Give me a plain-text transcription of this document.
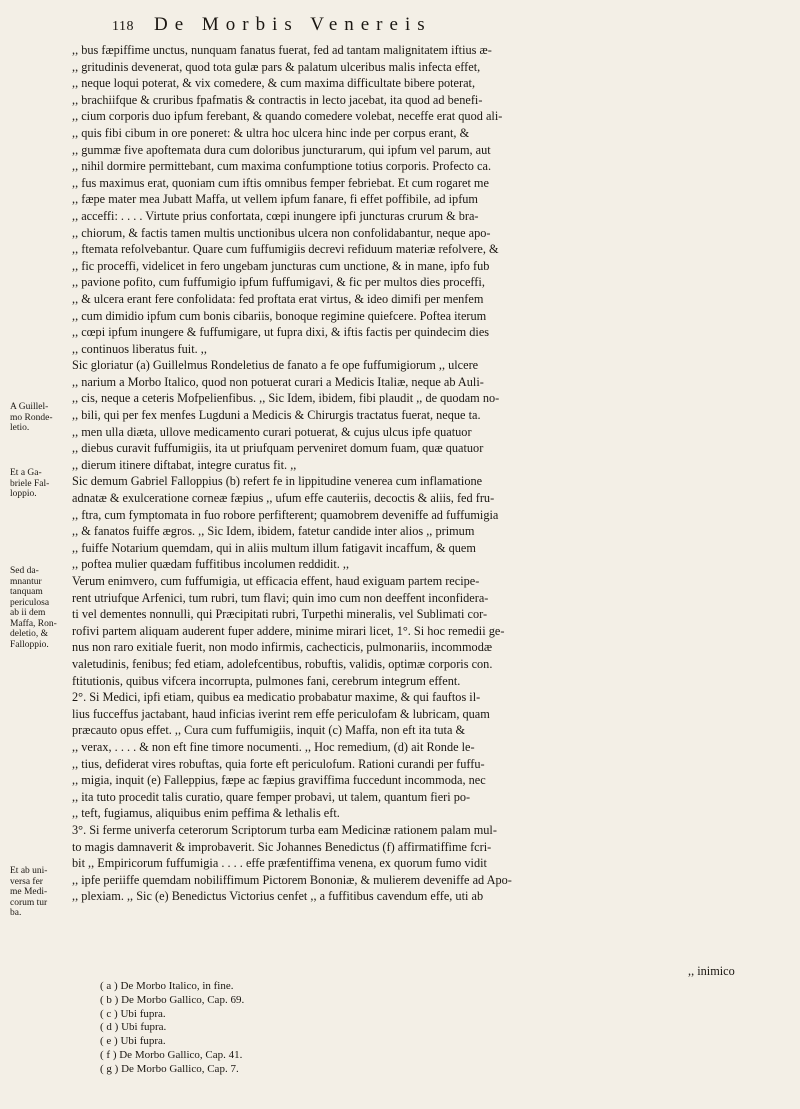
118	De Morbis Venereis
A Guillel-
mo Ronde-
letio.
Et a Ga-
briele Fal-
loppio.
Sed da-
mnantur
tanquam
periculosa
ab ii dem
Maffa, Ron-
deletio, &
Falloppio.
Et ab uni-
versa fer
me Medi-
corum tur
ba.
,, bus fæpiffime unctus, nunquam fanatus fuerat, fed ad tantam malignitatem iftius æ-
,, gritudinis devenerat, quod tota gulæ pars & palatum ulceribus malis infecta effet,
,, neque loqui poterat, & vix comedere, & cum maxima difficultate bibere poterat,
,, brachiifque & cruribus fpafmatis & contractis in lecto jacebat, ita quod ad benefi-
,, cium corporis duo ipfum ferebant, & quando comedere volebat, neceffe erat quod ali-
,, quis fibi cibum in ore poneret: & ultra hoc ulcera hinc inde per corpus erant, &
,, gummæ five apoftemata dura cum doloribus juncturarum, qui ipfum vel parum, aut
,, nihil dormire permittebant, cum maxima confumptione totius corporis. Profecto ca.
,, fus maximus erat, quoniam cum iftis omnibus femper febriebat. Et cum rogaret me
,, fæpe mater mea Jubatt Maffa, ut vellem ipfum fanare, fi effet poffibile, ad ipfum
,, acceffi: . . . . Virtute prius confortata, cœpi inungere ipfi juncturas crurum & bra-
,, chiorum, & factis tamen multis unctionibus ulcera non confolidabantur, neque apo-
,, ftemata refolvebantur. Quare cum fuffumigiis decrevi refiduum materiæ refolvere, &
,, fic proceffi, videlicet in fero ungebam juncturas cum unctione, & in mane, ipfo fub
,, pavione pofito, cum fuffumigio ipfum fuffumigavi, & fic per multos dies proceffi,
,, & ulcera erant fere confolidata: fed proftata erat virtus, & ideo dimifi per menfem
,, cum dimidio ipfum cum bonis cibariis, bonoque regimine quiefcere. Poftea iterum
,, cœpi ipfum inungere & fuffumigare, ut fupra dixi, & iftis factis per quindecim dies
,, continuos liberatus fuit. ,,
Sic gloriatur (a) Guillelmus Rondeletius de fanato a fe ope fuffumigiorum ,, ulcere
,, narium a Morbo Italico, quod non potuerat curari a Medicis Italiæ, neque ab Auli-
,, cis, neque a ceteris Mofpelienfibus. ,, Sic Idem, ibidem, fibi plaudit ,, de quodam no-
,, bili, qui per fex menfes Lugduni a Medicis & Chirurgis tractatus fuerat, neque ta.
,, men ulla diæta, ullove medicamento curari potuerat, & cujus ulcus ipfe quatuor
,, diebus curavit fuffumigiis, ita ut priufquam perveniret domum fuam, quæ quatuor
,, dierum itinere diftabat, integre curatus fit. ,,
Sic demum Gabriel Falloppius (b) refert fe in lippitudine venerea cum inflamatione
adnatæ & exulceratione corneæ fæpius ,, ufum effe cauteriis, decoctis & aliis, fed fru-
,, ftra, cum fymptomata in fuo robore perfifterent; quamobrem deveniffe ad fuffumigia
,, & fanatos fuiffe ægros. ,, Sic Idem, ibidem, fatetur candide inter alios ,, primum
,, fuiffe Notarium quemdam, qui in aliis multum illum fatigavit incaffum, & quem
,, poftea mulier quædam fuffitibus incolumen reddidit. ,,
Verum enimvero, cum fuffumigia, ut efficacia effent, haud exiguam partem recipe-
rent utriufque Arfenici, tum rubri, tum flavi; quin imo cum non deeffent inconfidera-
ti vel dementes nonnulli, qui Præcipitati rubri, Turpethi mineralis, vel Sublimati cor-
rofivi partem aliquam auderent fuper addere, minime mirari licet, 1°. Si hoc remedii ge-
nus non raro exitiale fuerit, non modo infirmis, cachecticis, pulmonariis, incommodæ
valetudinis, fenibus; fed etiam, adolefcentibus, robuftis, validis, optimæ corporis con.
ftitutionis, quibus vifcera incorrupta, pulmones fani, cerebrum integrum effent.
2°. Si Medici, ipfi etiam, quibus ea medicatio probabatur maxime, & qui fauftos il-
lius fucceffus jactabant, haud inficias iverint rem effe periculofam & lubricam, quam
præcauto opus effet. ,, Cura cum fuffumigiis, inquit (c) Maffa, non eft ita tuta &
,, verax, . . . . & non eft fine timore nocumenti. ,, Hoc remedium, (d) ait Ronde le-
,, tius, defiderat vires robuftas, quia forte eft periculofum. Rationi curandi per fuffu-
,, migia, inquit (e) Falleppius, fæpe ac fæpius graviffima fuccedunt incommoda, nec
,, ita tuto procedit talis curatio, quare femper probavi, ut talem, quantum fieri po-
,, teft, fugiamus, aliquibus enim peffima & lethalis eft.
3°. Si ferme univerfa ceterorum Scriptorum turba eam Medicinæ rationem palam mul-
to magis damnaverit & improbaverit. Sic Johannes Benedictus (f) affirmatiffime fcri-
bit ,, Empiricorum fuffumigia . . . . effe præfentiffima venena, ex quorum fumo vidit
,, ipfe periiffe quemdam nobiliffimum Pictorem Bononiæ, & mulierem deveniffe ad Apo-
,, plexiam. ,, Sic (e) Benedictus Victorius cenfet ,, a fuffitibus cavendum effe, uti ab
,, inimico
( a ) De Morbo Italico, in fine.
( b ) De Morbo Gallico, Cap. 69.
( c ) Ubi fupra.
( d ) Ubi fupra.
( e ) Ubi fupra.
( f ) De Morbo Gallico, Cap. 41.
( g ) De Morbo Gallico, Cap. 7.
